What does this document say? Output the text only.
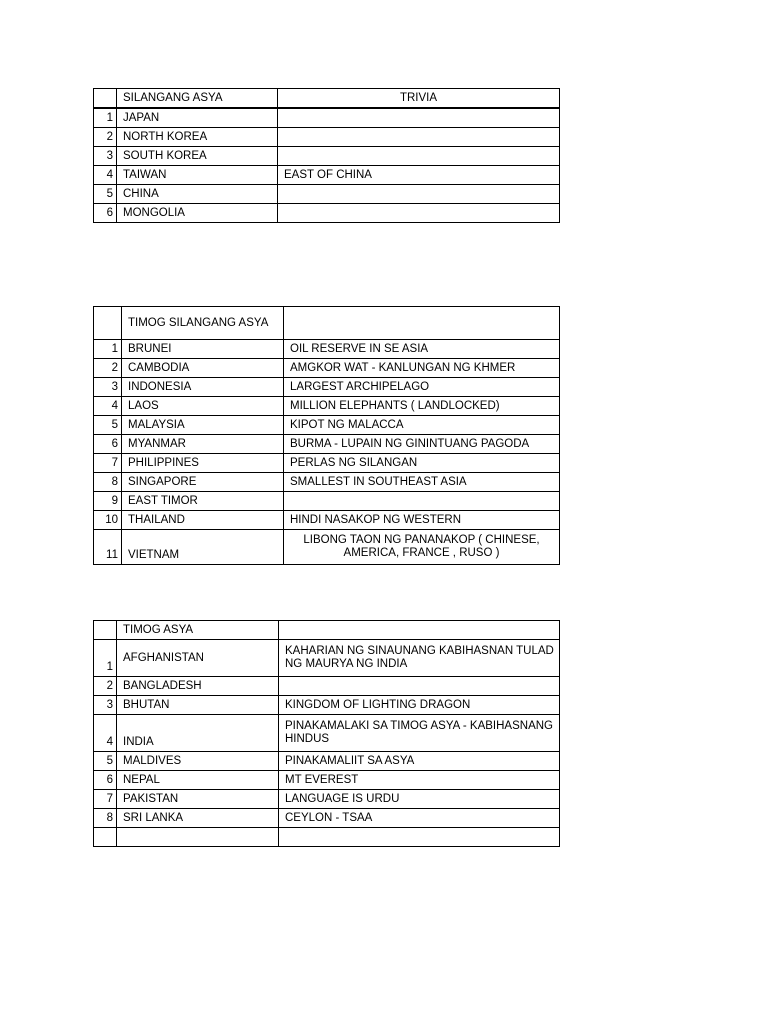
	SILANGANG ASYA	TRIVIA
1	JAPAN	
2	NORTH KOREA	
3	SOUTH KOREA	
4	TAIWAN	EAST OF CHINA
5	CHINA	
6	MONGOLIA	
	TIMOG SILANGANG ASYA	
1	BRUNEI	OIL RESERVE IN SE ASIA
2	CAMBODIA	AMGKOR WAT - KANLUNGAN NG KHMER
3	INDONESIA	LARGEST ARCHIPELAGO
4	LAOS	MILLION ELEPHANTS ( LANDLOCKED)
5	MALAYSIA	KIPOT NG MALACCA
6	MYANMAR	BURMA - LUPAIN NG GININTUANG PAGODA
7	PHILIPPINES	PERLAS NG SILANGAN
8	SINGAPORE	SMALLEST IN SOUTHEAST ASIA
9	EAST TIMOR	
10	THAILAND	HINDI NASAKOP NG WESTERN
11	VIETNAM	LIBONG TAON NG PANANAKOP ( CHINESE, AMERICA, FRANCE , RUSO )
	TIMOG ASYA	
1	AFGHANISTAN	KAHARIAN NG SINAUNANG KABIHASNAN TULAD NG MAURYA NG INDIA
2	BANGLADESH	
3	BHUTAN	KINGDOM OF LIGHTING DRAGON
4	INDIA	PINAKAMALAKI SA TIMOG ASYA - KABIHASNANG HINDUS
5	MALDIVES	PINAKAMALIIT SA ASYA
6	NEPAL	MT EVEREST
7	PAKISTAN	LANGUAGE IS URDU
8	SRI LANKA	CEYLON - TSAA
